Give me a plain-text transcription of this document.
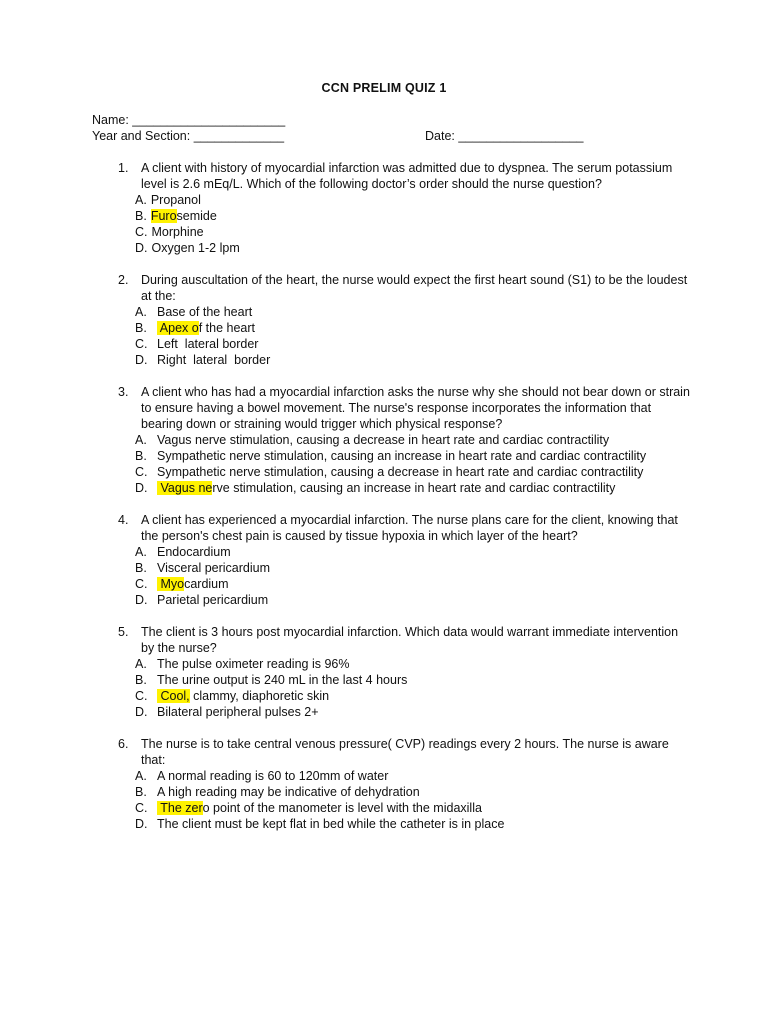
CCN PRELIM QUIZ 1
Name: ______________________
Year and Section: _____________	Date: __________________
1. A client with history of myocardial infarction was admitted due to dyspnea. The serum potassium level is 2.6 mEq/L. Which of the following doctor’s order should the nurse question?
A. Propanol
B. Furosemide
C. Morphine
D. Oxygen 1-2 lpm
2. During auscultation of the heart, the nurse would expect the first heart sound (S1) to be the loudest at the:
A. Base of the heart
B. Apex of the heart
C. Left  lateral border
D. Right  lateral  border
3. A client who has had a myocardial infarction asks the nurse why she should not bear down or strain to ensure having a bowel movement. The nurse's response incorporates the information that bearing down or straining would trigger which physical response?
A. Vagus nerve stimulation, causing a decrease in heart rate and cardiac contractility
B. Sympathetic nerve stimulation, causing an increase in heart rate and cardiac contractility
C. Sympathetic nerve stimulation, causing a decrease in heart rate and cardiac contractility
D. Vagus nerve stimulation, causing an increase in heart rate and cardiac contractility
4. A client has experienced a myocardial infarction. The nurse plans care for the client, knowing that the person's chest pain is caused by tissue hypoxia in which layer of the heart?
A. Endocardium
B. Visceral pericardium
C. Myocardium
D. Parietal pericardium
5. The client is 3 hours post myocardial infarction. Which data would warrant immediate intervention by the nurse?
A. The pulse oximeter reading is 96%
B. The urine output is 240 mL in the last 4 hours
C. Cool, clammy, diaphoretic skin
D. Bilateral peripheral pulses 2+
6. The nurse is to take central venous pressure( CVP) readings every 2 hours. The nurse is aware that:
A. A normal reading is 60 to 120mm of water
B. A high reading may be indicative of dehydration
C. The zero point of the manometer is level with the midaxilla
D. The client must be kept flat in bed while the catheter is in place
